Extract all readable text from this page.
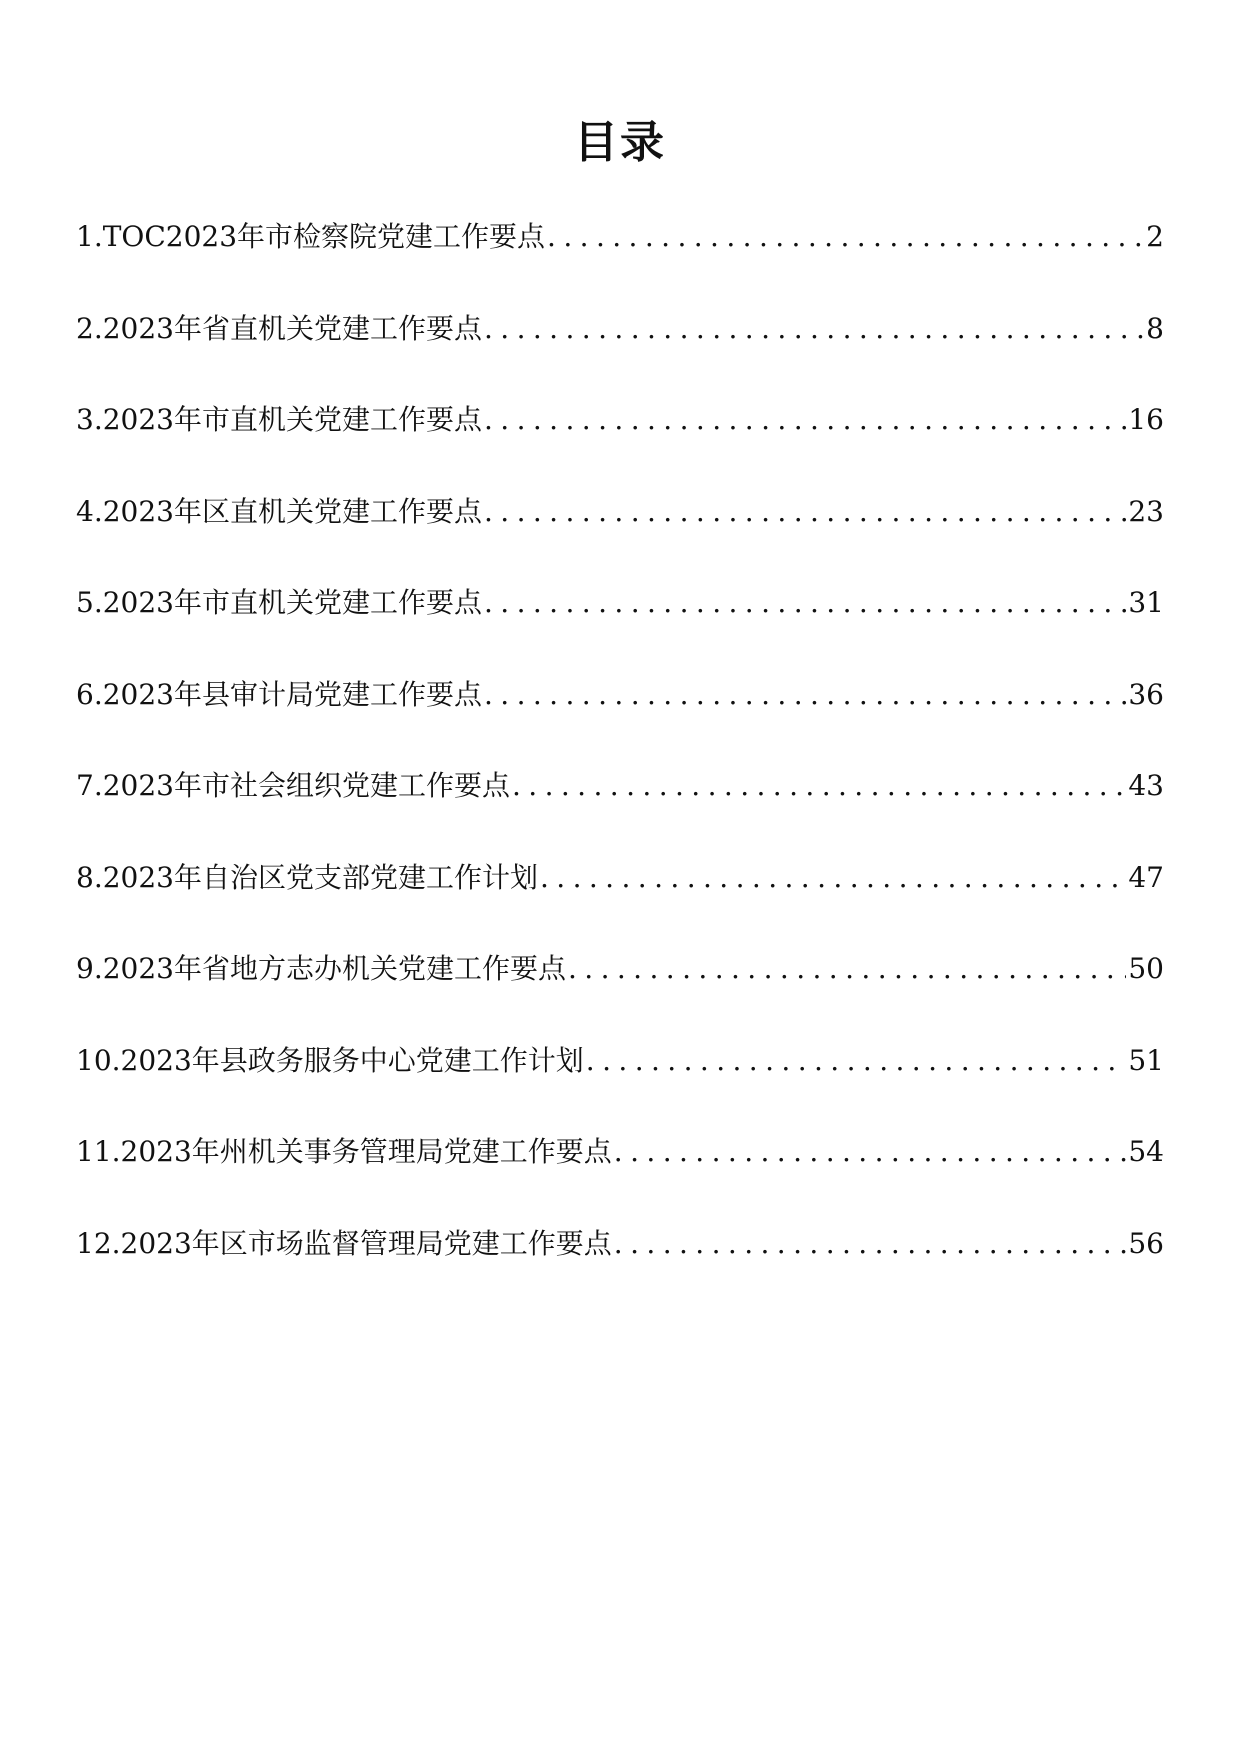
目录
1. TOC2023年市检察院党建工作要点 .....	2
2. 2023年省直机关党建工作要点 .....	8
3. 2023年市直机关党建工作要点 .....	16
4. 2023年区直机关党建工作要点 .....	23
5. 2023年市直机关党建工作要点 .....	31
6. 2023年县审计局党建工作要点 .....	36
7. 2023年市社会组织党建工作要点 .....	43
8. 2023年自治区党支部党建工作计划 .....	47
9. 2023年省地方志办机关党建工作要点 .....	50
10. 2023年县政务服务中心党建工作计划 .....	51
11. 2023年州机关事务管理局党建工作要点 .....	54
12. 2023年区市场监督管理局党建工作要点 .....	56
